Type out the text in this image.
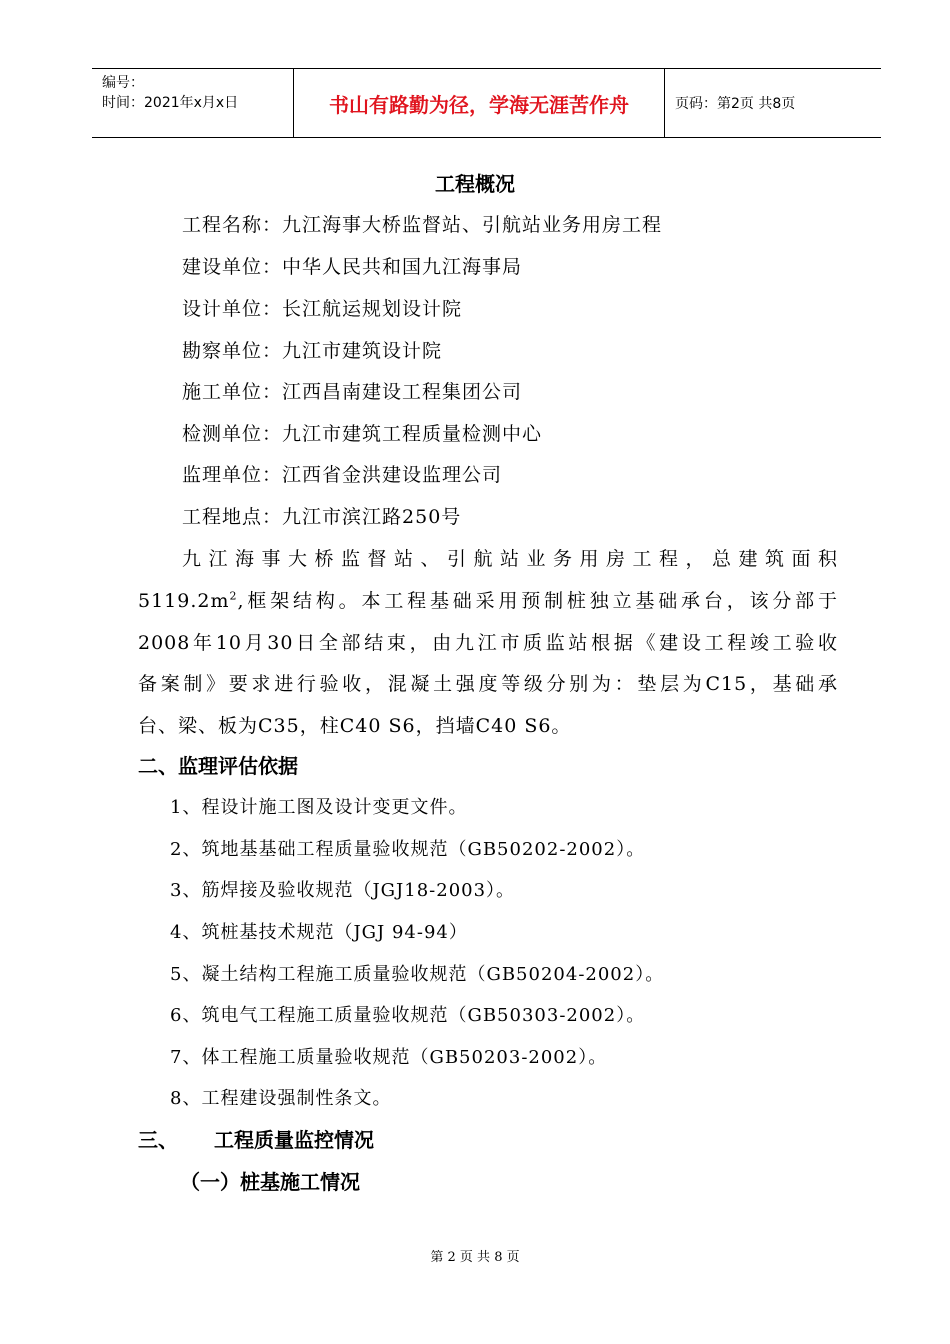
编号：
时间：2021年x月x日	书山有路勤为径，学海无涯苦作舟	页码：第2页 共8页
工程概况
工程名称：九江海事大桥监督站、引航站业务用房工程
建设单位：中华人民共和国九江海事局
设计单位：长江航运规划设计院
勘察单位：九江市建筑设计院
施工单位：江西昌南建设工程集团公司
检测单位：九江市建筑工程质量检测中心
监理单位：江西省金洪建设监理公司
工程地点：九江市滨江路250号
九江海事大桥监督站、引航站业务用房工程，总建筑面积
$5119.2m^2$,框架结构。本工程基础采用预制桩独立基础承台，该分部于
2008年10月30日全部结束，由九江市质监站根据《建设工程竣工验收
备案制》要求进行验收，混凝土强度等级分别为：垫层为C15，基础承
台、梁、板为C35，柱C40 S6，挡墙C40 S6。
二、监理评估依据
1、程设计施工图及设计变更文件。
2、筑地基基础工程质量验收规范（GB50202-2002）。
3、筋焊接及验收规范（JGJ18-2003）。
4、筑桩基技术规范（JGJ 94-94）
5、凝土结构工程施工质量验收规范（GB50204-2002）。
6、筑电气工程施工质量验收规范（GB50303-2002）。
7、体工程施工质量验收规范（GB50203-2002）。
8、工程建设强制性条文。
三、 工程质量监控情况
（一）桩基施工情况
第 2 页 共 8 页
